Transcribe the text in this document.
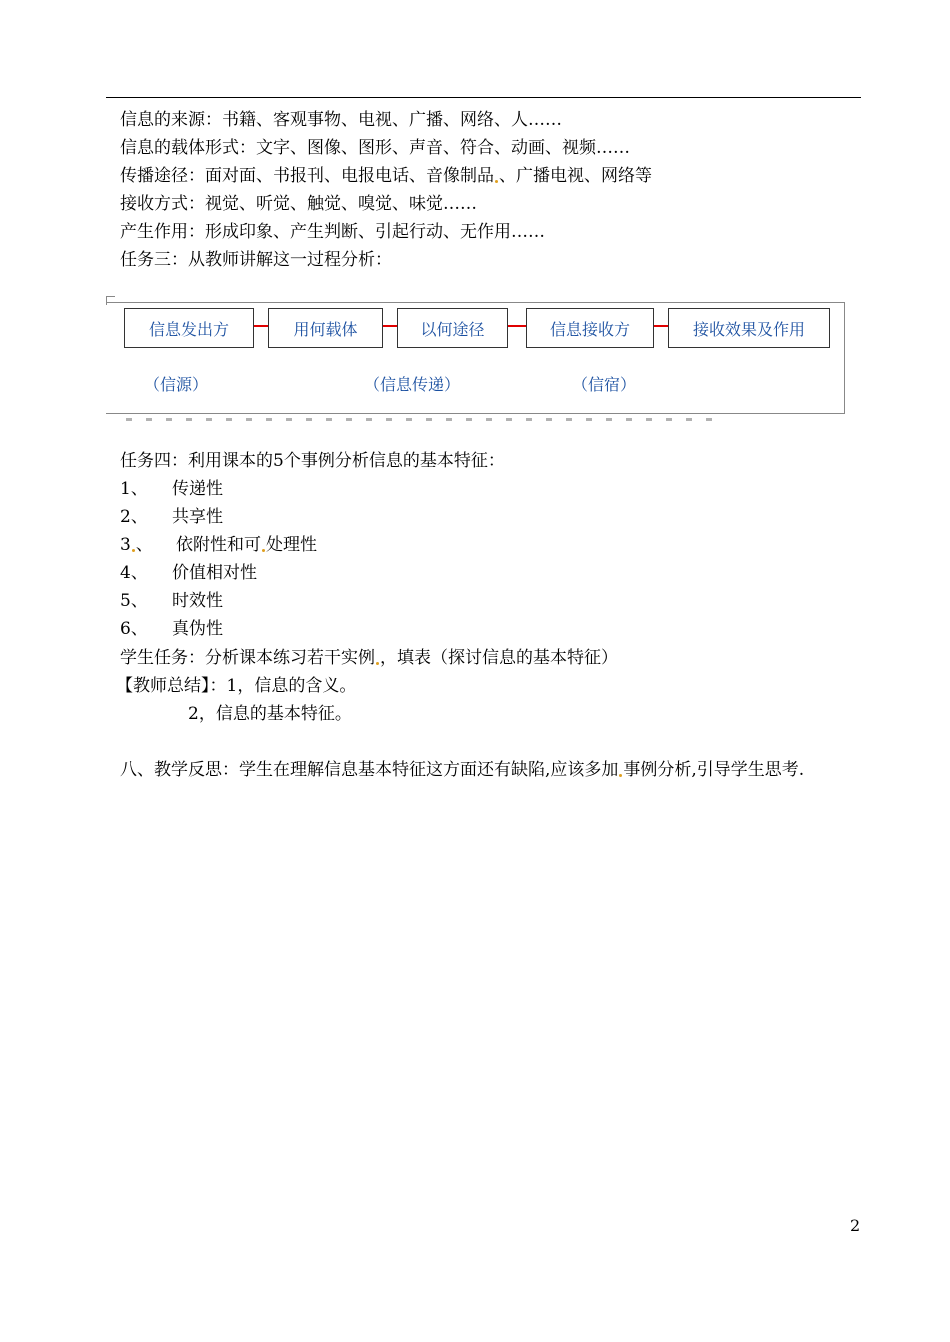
信息的来源：书籍、客观事物、电视、广播、网络、人……
信息的载体形式：文字、图像、图形、声音、符合、动画、视频……
传播途径：面对面、书报刊、电报电话、音像制品 、广播电视、网络等
接收方式：视觉、听觉、触觉、嗅觉、味觉……
产生作用：形成印象、产生判断、引起行动、无作用……
任务三：从教师讲解这一过程分析：
信息发出方	用何载体	以何途径	信息接收方	接收效果及作用
（信源）	（信息传递）	（信宿）
任务四：利用课本的5个事例分析信息的基本特征：
1、 传递性
2、 共享性
3 、 依附性和可 处理性
4、 价值相对性
5、 时效性
6、 真伪性
学生任务：分析课本练习若干实例 ，填表（探讨信息的基本特征）
【教师总结】：1，信息的含义。
2，信息的基本特征。
八、教学反思：学生在理解信息基本特征这方面还有缺陷,应该多加 事例分析,引导学生思考.
2
